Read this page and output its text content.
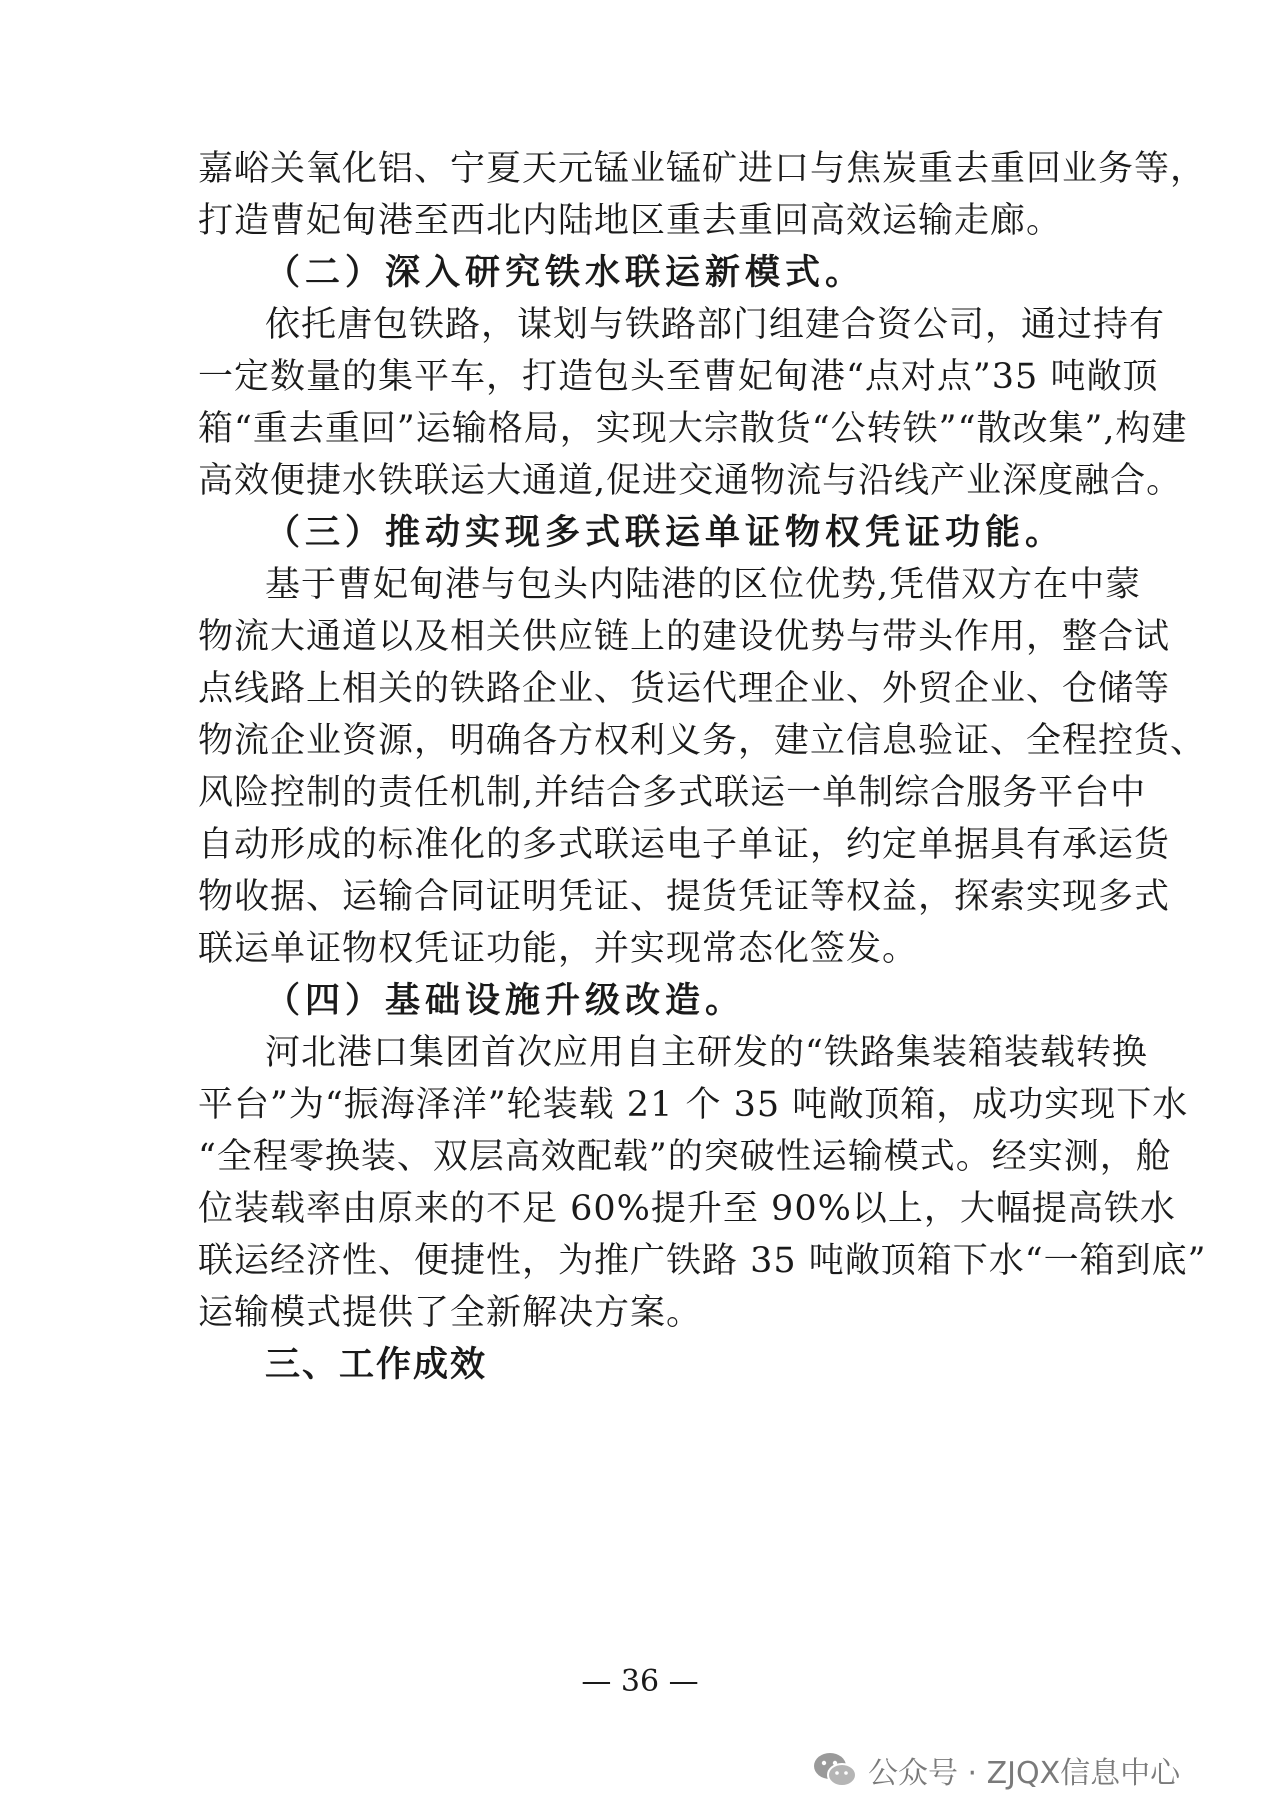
嘉峪关氧化铝、宁夏天元锰业锰矿进口与焦炭重去重回业务等，
打造曹妃甸港至西北内陆地区重去重回高效运输走廊。
（二）深入研究铁水联运新模式。
依托唐包铁路，谋划与铁路部门组建合资公司，通过持有
一定数量的集平车，打造包头至曹妃甸港“点对点”35 吨敞顶
箱“重去重回”运输格局，实现大宗散货“公转铁”“散改集”,构建
高效便捷水铁联运大通道,促进交通物流与沿线产业深度融合。
（三）推动实现多式联运单证物权凭证功能。
基于曹妃甸港与包头内陆港的区位优势,凭借双方在中蒙
物流大通道以及相关供应链上的建设优势与带头作用，整合试
点线路上相关的铁路企业、货运代理企业、外贸企业、仓储等
物流企业资源，明确各方权利义务，建立信息验证、全程控货、
风险控制的责任机制,并结合多式联运一单制综合服务平台中
自动形成的标准化的多式联运电子单证，约定单据具有承运货
物收据、运输合同证明凭证、提货凭证等权益，探索实现多式
联运单证物权凭证功能，并实现常态化签发。
（四）基础设施升级改造。
河北港口集团首次应用自主研发的“铁路集装箱装载转换
平台”为“振海泽洋”轮装载 21 个 35 吨敞顶箱，成功实现下水
“全程零换装、双层高效配载”的突破性运输模式。经实测，舱
位装载率由原来的不足 60%提升至 90%以上，大幅提高铁水
联运经济性、便捷性，为推广铁路 35 吨敞顶箱下水“一箱到底”
运输模式提供了全新解决方案。
三、工作成效
— 36 —
公众号 · ZJQX信息中心
